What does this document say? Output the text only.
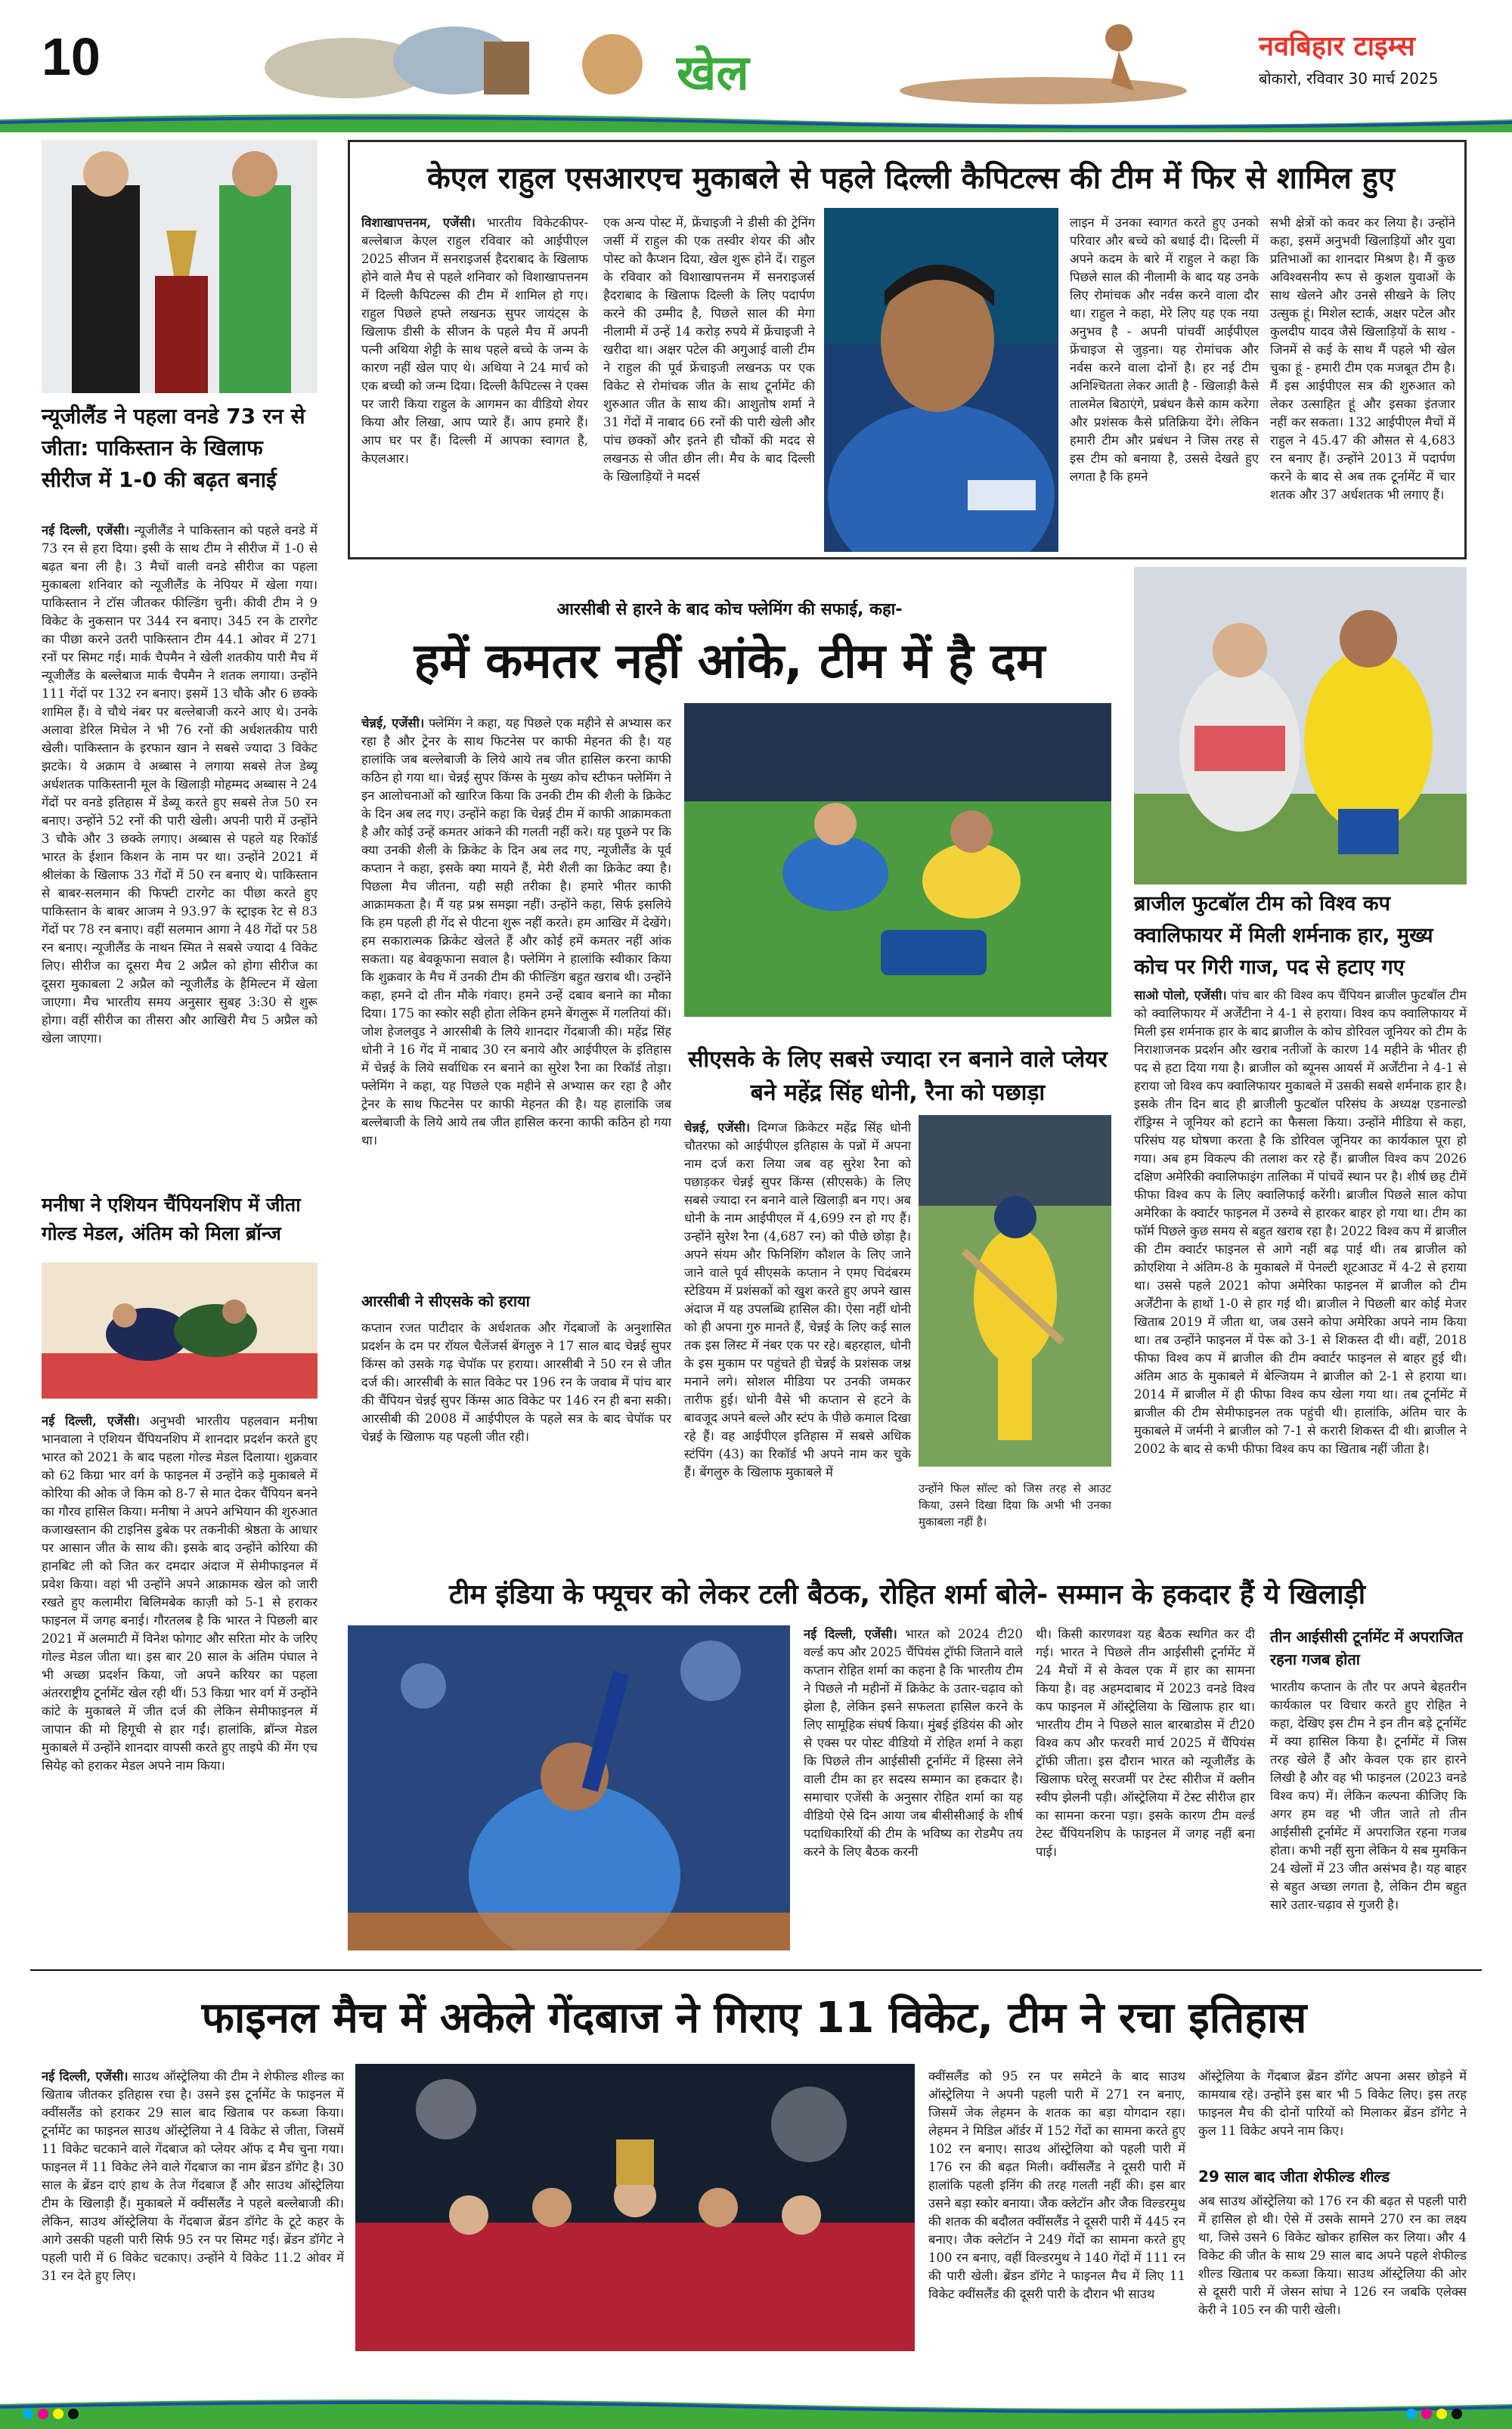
10	खेल	नवबिहार टाइम्स
बोकारो, रविवार 30 मार्च 2025
न्यूजीलैंड ने पहला वनडे 73 रन से जीता: पाकिस्तान के खिलाफ सीरीज में 1-0 की बढ़त बनाई
नई दिल्ली, एजेंसी। न्यूजीलैंड ने पाकिस्तान को पहले वनडे में 73 रन से हरा दिया। इसी के साथ टीम ने सीरीज में 1-0 से बढ़त बना ली है। 3 मैचों वाली वनडे सीरीज का पहला मुकाबला शनिवार को न्यूजीलैंड के नेपियर में खेला गया। पाकिस्तान ने टॉस जीतकर फील्डिंग चुनी। कीवी टीम ने 9 विकेट के नुकसान पर 344 रन बनाए। 345 रन के टारगेट का पीछा करने उतरी पाकिस्तान टीम 44.1 ओवर में 271 रनों पर सिमट गई। मार्क चैपमैन ने खेली शतकीय पारी मैच में न्यूजीलैंड के बल्लेबाज मार्क चैपमैन ने शतक लगाया। उन्होंने 111 गेंदों पर 132 रन बनाए। इसमें 13 चौके और 6 छक्के शामिल हैं। वे चौथे नंबर पर बल्लेबाजी करने आए थे। उनके अलावा डेरिल मिचेल ने भी 76 रनों की अर्धशतकीय पारी खेली। पाकिस्तान के इरफान खान ने सबसे ज्यादा 3 विकेट झटके। ये अक्राम वे अब्बास ने लगाया सबसे तेज डेब्यू अर्धशतक पाकिस्तानी मूल के खिलाड़ी मोहम्मद अब्बास ने 24 गेंदों पर वनडे इतिहास में डेब्यू करते हुए सबसे तेज 50 रन बनाए। उन्होंने 52 रनों की पारी खेली। अपनी पारी में उन्होंने 3 चौके और 3 छक्के लगाए। अब्बास से पहले यह रिकॉर्ड भारत के ईशान किशन के नाम पर था। उन्होंने 2021 में श्रीलंका के खिलाफ 33 गेंदों में 50 रन बनाए थे। पाकिस्तान से बाबर-सलमान की फिफ्टी टारगेट का पीछा करते हुए पाकिस्तान के बाबर आजम ने 93.97 के स्ट्राइक रेट से 83 गेंदों पर 78 रन बनाए। वहीं सलमान आगा ने 48 गेंदों पर 58 रन बनाए। न्यूजीलैंड के नाथन स्मित ने सबसे ज्यादा 4 विकेट लिए। सीरीज का दूसरा मैच 2 अप्रैल को होगा सीरीज का दूसरा मुकाबला 2 अप्रैल को न्यूजीलैंड के हैमिल्टन में खेला जाएगा। मैच भारतीय समय अनुसार सुबह 3:30 से शुरू होगा। वहीं सीरीज का तीसरा और आखिरी मैच 5 अप्रैल को खेला जाएगा।
मनीषा ने एशियन चैंपियनशिप में जीता गोल्ड मेडल, अंतिम को मिला ब्रॉन्ज
नई दिल्ली, एजेंसी। अनुभवी भारतीय पहलवान मनीषा भानवाला ने एशियन चैंपियनशिप में शानदार प्रदर्शन करते हुए भारत को 2021 के बाद पहला गोल्ड मेडल दिलाया। शुक्रवार को 62 किग्रा भार वर्ग के फाइनल में उन्होंने कड़े मुकाबले में कोरिया की ओक जे किम को 8-7 से मात देकर चैंपियन बनने का गौरव हासिल किया। मनीषा ने अपने अभियान की शुरुआत कजाखस्तान की टाइनिस डुबेक पर तकनीकी श्रेष्ठता के आधार पर आसान जीत के साथ की। इसके बाद उन्होंने कोरिया की हानबिट ली को जित कर दमदार अंदाज में सेमीफाइनल में प्रवेश किया। वहां भी उन्होंने अपने आक्रामक खेल को जारी रखते हुए कलामीरा बिलिमबेक काज़ी को 5-1 से हराकर फाइनल में जगह बनाई। गौरतलब है कि भारत ने पिछली बार 2021 में अलमाटी में विनेश फोगाट और सरिता मोर के जरिए गोल्ड मेडल जीता था। इस बार 20 साल के अंतिम पंघाल ने भी अच्छा प्रदर्शन किया, जो अपने करियर का पहला अंतरराष्ट्रीय टूर्नामेंट खेल रही थीं। 53 किग्रा भार वर्ग में उन्होंने कांटे के मुकाबले में जीत दर्ज की लेकिन सेमीफाइनल में जापान की मो हिगूची से हार गईं। हालांकि, ब्रॉन्ज मेडल मुकाबले में उन्होंने शानदार वापसी करते हुए ताइपे की मेंग एच सियेह को हराकर मेडल अपने नाम किया।
केएल राहुल एसआरएच मुकाबले से पहले दिल्ली कैपिटल्स की टीम में फिर से शामिल हुए
विशाखापत्तनम, एजेंसी। भारतीय विकेटकीपर-बल्लेबाज केएल राहुल रविवार को आईपीएल 2025 सीजन में सनराइजर्स हैदराबाद के खिलाफ होने वाले मैच से पहले शनिवार को विशाखापत्तनम में दिल्ली कैपिटल्स की टीम में शामिल हो गए। राहुल पिछले हफ्ते लखनऊ सुपर जायंट्स के खिलाफ डीसी के सीजन के पहले मैच में अपनी पत्नी अथिया शेट्टी के साथ पहले बच्चे के जन्म के कारण नहीं खेल पाए थे। अथिया ने 24 मार्च को एक बच्ची को जन्म दिया। दिल्ली कैपिटल्स ने एक्स पर जारी किया राहुल के आगमन का वीडियो शेयर किया और लिखा, आप प्यारे हैं। आप हमारे हैं। आप घर पर हैं। दिल्ली में आपका स्वागत है, केएलआर।
एक अन्य पोस्ट में, फ्रेंचाइजी ने डीसी की ट्रेनिंग जर्सी में राहुल की एक तस्वीर शेयर की और पोस्ट को कैप्शन दिया, खेल शुरू होने दें। राहुल के रविवार को विशाखापत्तनम में सनराइजर्स हैदराबाद के खिलाफ दिल्ली के लिए पदार्पण करने की उम्मीद है, पिछले साल की मेगा नीलामी में उन्हें 14 करोड़ रुपये में फ्रेंचाइजी ने खरीदा था। अक्षर पटेल की अगुआई वाली टीम ने राहुल की पूर्व फ्रेंचाइजी लखनऊ पर एक विकेट से रोमांचक जीत के साथ टूर्नामेंट की शुरुआत जीत के साथ की। आशुतोष शर्मा ने 31 गेंदों में नाबाद 66 रनों की पारी खेली और पांच छक्कों और इतने ही चौकों की मदद से लखनऊ से जीत छीन ली। मैच के बाद दिल्ली के खिलाड़ियों ने मदर्स
लाइन में उनका स्वागत करते हुए उनको परिवार और बच्चे को बधाई दी। दिल्ली में अपने कदम के बारे में राहुल ने कहा कि पिछले साल की नीलामी के बाद यह उनके लिए रोमांचक और नर्वस करने वाला दौर था। राहुल ने कहा, मेरे लिए यह एक नया अनुभव है - अपनी पांचवीं आईपीएल फ्रेंचाइज से जुड़ना। यह रोमांचक और नर्वस करने वाला दोनों है। हर नई टीम अनिश्चितता लेकर आती है - खिलाड़ी कैसे तालमेल बिठाएंगे, प्रबंधन कैसे काम करेगा और प्रशंसक कैसे प्रतिक्रिया देंगे। लेकिन हमारी टीम और प्रबंधन ने जिस तरह से इस टीम को बनाया है, उससे देखते हुए लगता है कि हमने
सभी क्षेत्रों को कवर कर लिया है। उन्होंने कहा, इसमें अनुभवी खिलाड़ियों और युवा प्रतिभाओं का शानदार मिश्रण है। मैं कुछ अविश्वसनीय रूप से कुशल युवाओं के साथ खेलने और उनसे सीखने के लिए उत्सुक हूं। मिशेल स्टार्क, अक्षर पटेल और कुलदीप यादव जैसे खिलाड़ियों के साथ - जिनमें से कई के साथ मैं पहले भी खेल चुका हूं - हमारी टीम एक मजबूत टीम है। मैं इस आईपीएल सत्र की शुरुआत को लेकर उत्साहित हूं और इसका इंतजार नहीं कर सकता। 132 आईपीएल मैचों में राहुल ने 45.47 की औसत से 4,683 रन बनाए हैं। उन्होंने 2013 में पदार्पण करने के बाद से अब तक टूर्नामेंट में चार शतक और 37 अर्धशतक भी लगाए हैं।
आरसीबी से हारने के बाद कोच फ्लेमिंग की सफाई, कहा-
हमें कमतर नहीं आंके, टीम में है दम
चेन्नई, एजेंसी। फ्लेमिंग ने कहा, यह पिछले एक महीने से अभ्यास कर रहा है और ट्रेनर के साथ फिटनेस पर काफी मेहनत की है। यह हालांकि जब बल्लेबाजी के लिये आये तब जीत हासिल करना काफी कठिन हो गया था। चेन्नई सुपर किंग्स के मुख्य कोच स्टीफन फ्लेमिंग ने इन आलोचनाओं को खारिज किया कि उनकी टीम की शैली के क्रिकेट के दिन अब लद गए। उन्होंने कहा कि चेन्नई टीम में काफी आक्रामकता है और कोई उन्हें कमतर आंकने की गलती नहीं करे। यह पूछने पर कि क्या उनकी शैली के क्रिकेट के दिन अब लद गए, न्यूजीलैंड के पूर्व कप्तान ने कहा, इसके क्या मायने हैं, मेरी शैली का क्रिकेट क्या है। पिछला मैच जीतना, यही सही तरीका है। हमारे भीतर काफी आक्रामकता है। मैं यह प्रश्न समझा नहीं। उन्होंने कहा, सिर्फ इसलिये कि हम पहली ही गेंद से पीटना शुरू नहीं करते। हम आखिर में देखेंगे। हम सकारात्मक क्रिकेट खेलते हैं और कोई हमें कमतर नहीं आंक सकता। यह बेवकूफाना सवाल है। फ्लेमिंग ने हालांकि स्वीकार किया कि शुक्रवार के मैच में उनकी टीम की फील्डिंग बहुत खराब थी। उन्होंने कहा, हमने दो तीन मौके गंवाए। हमने उन्हें दबाव बनाने का मौका दिया। 175 का स्कोर सही होता लेकिन हमने बेंगलुरू में गलतियां कीं। जोश हेजलवुड ने आरसीबी के लिये शानदार गेंदबाजी की। महेंद्र सिंह धोनी ने 16 गेंद में नाबाद 30 रन बनाये और आईपीएल के इतिहास में चेन्नई के लिये सर्वाधिक रन बनाने का सुरेश रैना का रिकॉर्ड तोड़ा। फ्लेमिंग ने कहा, यह पिछले एक महीने से अभ्यास कर रहा है और ट्रेनर के साथ फिटनेस पर काफी मेहनत की है। यह हालांकि जब बल्लेबाजी के लिये आये तब जीत हासिल करना काफी कठिन हो गया था।
आरसीबी ने सीएसके को हराया
कप्तान रजत पाटीदार के अर्धशतक और गेंदबाजों के अनुशासित प्रदर्शन के दम पर रॉयल चैलेंजर्स बेंगलुरु ने 17 साल बाद चेन्नई सुपर किंग्स को उसके गढ़ चेपॉक पर हराया। आरसीबी ने 50 रन से जीत दर्ज की। आरसीबी के सात विकेट पर 196 रन के जवाब में पांच बार की चैंपियन चेन्नई सुपर किंग्स आठ विकेट पर 146 रन ही बना सकी। आरसीबी की 2008 में आईपीएल के पहले सत्र के बाद चेपॉक पर चेन्नई के खिलाफ यह पहली जीत रही।
सीएसके के लिए सबसे ज्यादा रन बनाने वाले प्लेयर बने महेंद्र सिंह धोनी, रैना को पछाड़ा
चेन्नई, एजेंसी। दिग्गज क्रिकेटर महेंद्र सिंह धोनी चौतरफा को आईपीएल इतिहास के पन्नों में अपना नाम दर्ज करा लिया जब वह सुरेश रैना को पछाड़कर चेन्नई सुपर किंग्स (सीएसके) के लिए सबसे ज्यादा रन बनाने वाले खिलाड़ी बन गए। अब धोनी के नाम आईपीएल में 4,699 रन हो गए हैं। उन्होंने सुरेश रैना (4,687 रन) को पीछे छोड़ा है। अपने संयम और फिनिशिंग कौशल के लिए जाने जाने वाले पूर्व सीएसके कप्तान ने एमए चिदंबरम स्टेडियम में प्रशंसकों को खुश करते हुए अपने खास अंदाज में यह उपलब्धि हासिल की। ऐसा नहीं धोनी को ही अपना गुरु मानते हैं, चेन्नई के लिए कई साल तक इस लिस्ट में नंबर एक पर रहे। बहरहाल, धोनी के इस मुकाम पर पहुंचते ही चेन्नई के प्रशंसक जश्न मनाने लगे। सोशल मीडिया पर उनकी जमकर तारीफ हुई। धोनी वैसे भी कप्तान से हटने के बावजूद अपने बल्ले और स्टंप के पीछे कमाल दिखा रहे हैं। वह आईपीएल इतिहास में सबसे अधिक स्टंपिंग (43) का रिकॉर्ड भी अपने नाम कर चुके हैं। बेंगलुरु के खिलाफ मुकाबले में
उन्होंने फिल सॉल्ट को जिस तरह से आउट किया, उसने दिखा दिया कि अभी भी उनका मुकाबला नहीं है।
ब्राजील फुटबॉल टीम को विश्व कप क्वालिफायर में मिली शर्मनाक हार, मुख्य कोच पर गिरी गाज, पद से हटाए गए
साओ पोलो, एजेंसी। पांच बार की विश्व कप चैंपियन ब्राजील फुटबॉल टीम को क्वालिफायर में अर्जेंटीना ने 4-1 से हराया। विश्व कप क्वालिफायर में मिली इस शर्मनाक हार के बाद ब्राजील के कोच डोरिवल जूनियर को टीम के निराशाजनक प्रदर्शन और खराब नतीजों के कारण 14 महीने के भीतर ही पद से हटा दिया गया है। ब्राजील को ब्यूनस आयर्स में अर्जेंटीना ने 4-1 से हराया जो विश्व कप क्वालिफायर मुकाबले में उसकी सबसे शर्मनाक हार है। इसके तीन दिन बाद ही ब्राजीली फुटबॉल परिसंघ के अध्यक्ष एडनाल्डो रॉड्रिग्स ने जूनियर को हटाने का फैसला किया। उन्होंने मीडिया से कहा, परिसंघ यह घोषणा करता है कि डोरिवल जूनियर का कार्यकाल पूरा हो गया। अब हम विकल्प की तलाश कर रहे हैं। ब्राजील विश्व कप 2026 दक्षिण अमेरिकी क्वालिफाइंग तालिका में पांचवें स्थान पर है। शीर्ष छह टीमें फीफा विश्व कप के लिए क्वालिफाई करेंगी। ब्राजील पिछले साल कोपा अमेरिका के क्वार्टर फाइनल में उरुग्वे से हारकर बाहर हो गया था। टीम का फॉर्म पिछले कुछ समय से बहुत खराब रहा है। 2022 विश्व कप में ब्राजील की टीम क्वार्टर फाइनल से आगे नहीं बढ़ पाई थी। तब ब्राजील को क्रोएशिया ने अंतिम-8 के मुकाबले में पेनल्टी शूटआउट में 4-2 से हराया था। उससे पहले 2021 कोपा अमेरिका फाइनल में ब्राजील को टीम अर्जेंटीना के हाथों 1-0 से हार गई थी। ब्राजील ने पिछली बार कोई मेजर खिताब 2019 में जीता था, जब उसने कोपा अमेरिका अपने नाम किया था। तब उन्होंने फाइनल में पेरू को 3-1 से शिकस्त दी थी। वहीं, 2018 फीफा विश्व कप में ब्राजील की टीम क्वार्टर फाइनल से बाहर हुई थी। अंतिम आठ के मुकाबले में बेल्जियम ने ब्राजील को 2-1 से हराया था। 2014 में ब्राजील में ही फीफा विश्व कप खेला गया था। तब टूर्नामेंट में ब्राजील की टीम सेमीफाइनल तक पहुंची थी। हालांकि, अंतिम चार के मुकाबले में जर्मनी ने ब्राजील को 7-1 से करारी शिकस्त दी थी। ब्राजील ने 2002 के बाद से कभी फीफा विश्व कप का खिताब नहीं जीता है।
टीम इंडिया के फ्यूचर को लेकर टली बैठक, रोहित शर्मा बोले- सम्मान के हकदार हैं ये खिलाड़ी
नई दिल्ली, एजेंसी। भारत को 2024 टी20 वर्ल्ड कप और 2025 चैंपियंस ट्रॉफी जिताने वाले कप्तान रोहित शर्मा का कहना है कि भारतीय टीम ने पिछले नौ महीनों में क्रिकेट के उतार-चढ़ाव को झेला है, लेकिन इसने सफलता हासिल करने के लिए सामूहिक संघर्ष किया। मुंबई इंडियंस की ओर से एक्स पर पोस्ट वीडियो में रोहित शर्मा ने कहा कि पिछले तीन आईसीसी टूर्नामेंट में हिस्सा लेने वाली टीम का हर सदस्य सम्मान का हकदार है। समाचार एजेंसी के अनुसार रोहित शर्मा का यह वीडियो ऐसे दिन आया जब बीसीसीआई के शीर्ष पदाधिकारियों की टीम के भविष्य का रोडमैप तय करने के लिए बैठक करनी
थी। किसी कारणवश यह बैठक स्थगित कर दी गई। भारत ने पिछले तीन आईसीसी टूर्नामेंट में 24 मैचों में से केवल एक में हार का सामना किया है। वह अहमदाबाद में 2023 वनडे विश्व कप फाइनल में ऑस्ट्रेलिया के खिलाफ हार था। भारतीय टीम ने पिछले साल बारबाडोस में टी20 विश्व कप और फरवरी मार्च 2025 में चैंपियंस ट्रॉफी जीता। इस दौरान भारत को न्यूजीलैंड के खिलाफ घरेलू सरजमीं पर टेस्ट सीरीज में क्लीन स्वीप झेलनी पड़ी। ऑस्ट्रेलिया में टेस्ट सीरीज हार का सामना करना पड़ा। इसके कारण टीम वर्ल्ड टेस्ट चैंपियनशिप के फाइनल में जगह नहीं बना पाई।
तीन आईसीसी टूर्नामेंट में अपराजित रहना गजब होता
भारतीय कप्तान के तौर पर अपने बेहतरीन कार्यकाल पर विचार करते हुए रोहित ने कहा, देखिए इस टीम ने इन तीन बड़े टूर्नामेंट में क्या हासिल किया है। टूर्नामेंट में जिस तरह खेले हैं और केवल एक हार हारने लिखी है और वह भी फाइनल (2023 वनडे विश्व कप) में। लेकिन कल्पना कीजिए कि अगर हम वह भी जीत जाते तो तीन आईसीसी टूर्नामेंट में अपराजित रहना गजब होता। कभी नहीं सुना लेकिन ये सब मुमकिन 24 खेलों में 23 जीत असंभव है। यह बाहर से बहुत अच्छा लगता है, लेकिन टीम बहुत सारे उतार-चढ़ाव से गुजरी है।
फाइनल मैच में अकेले गेंदबाज ने गिराए 11 विकेट, टीम ने रचा इतिहास
नई दिल्ली, एजेंसी। साउथ ऑस्ट्रेलिया की टीम ने शेफील्ड शील्ड का खिताब जीतकर इतिहास रचा है। उसने इस टूर्नामेंट के फाइनल में क्वींसलैंड को हराकर 29 साल बाद खिताब पर कब्जा किया। टूर्नामेंट का फाइनल साउथ ऑस्ट्रेलिया ने 4 विकेट से जीता, जिसमें 11 विकेट चटकाने वाले गेंदबाज को प्लेयर ऑफ द मैच चुना गया। फाइनल में 11 विकेट लेने वाले गेंदबाज का नाम ब्रेंडन डॉगेट है। 30 साल के ब्रेंडन दाएं हाथ के तेज गेंदबाज हैं और साउथ ऑस्ट्रेलिया टीम के खिलाड़ी हैं। मुकाबले में क्वींसलैंड ने पहले बल्लेबाजी की। लेकिन, साउथ ऑस्ट्रेलिया के गेंदबाज ब्रेंडन डॉगेट के टूटे कहर के आगे उसकी पहली पारी सिर्फ 95 रन पर सिमट गई। ब्रेंडन डॉगेट ने पहली पारी में 6 विकेट चटकाए। उन्होंने ये विकेट 11.2 ओवर में 31 रन देते हुए लिए।
क्वींसलैंड को 95 रन पर समेटने के बाद साउथ ऑस्ट्रेलिया ने अपनी पहली पारी में 271 रन बनाए, जिसमें जेक लेहमन के शतक का बड़ा योगदान रहा। लेहमन ने मिडिल ऑर्डर में 152 गेंदों का सामना करते हुए 102 रन बनाए। साउथ ऑस्ट्रेलिया को पहली पारी में 176 रन की बढ़त मिली। क्वींसलैंड ने दूसरी पारी में हालांकि पहली इनिंग की तरह गलती नहीं की। इस बार उसने बड़ा स्कोर बनाया। जैक क्लेटॉन और जैक विल्डरमुथ की शतक की बदौलत क्वींसलैंड ने दूसरी पारी में 445 रन बनाए। जैक क्लेटॉन ने 249 गेंदों का सामना करते हुए 100 रन बनाए, वहीं विल्डरमुथ ने 140 गेंदों में 111 रन की पारी खेली। ब्रेंडन डॉगेट ने फाइनल मैच में लिए 11 विकेट क्वींसलैंड की दूसरी पारी के दौरान भी साउथ
ऑस्ट्रेलिया के गेंदबाज ब्रेंडन डॉगेट अपना असर छोड़ने में कामयाब रहे। उन्होंने इस बार भी 5 विकेट लिए। इस तरह फाइनल मैच की दोनों पारियों को मिलाकर ब्रेंडन डॉगेट ने कुल 11 विकेट अपने नाम किए।
29 साल बाद जीता शेफील्ड शील्ड
अब साउथ ऑस्ट्रेलिया को 176 रन की बढ़त से पहली पारी में हासिल हो थी। ऐसे में उसके सामने 270 रन का लक्ष्य था, जिसे उसने 6 विकेट खोकर हासिल कर लिया। और 4 विकेट की जीत के साथ 29 साल बाद अपने पहले शेफील्ड शील्ड खिताब पर कब्जा किया। साउथ ऑस्ट्रेलिया की ओर से दूसरी पारी में जेसन सांघा ने 126 रन जबकि एलेक्स केरी ने 105 रन की पारी खेली।
